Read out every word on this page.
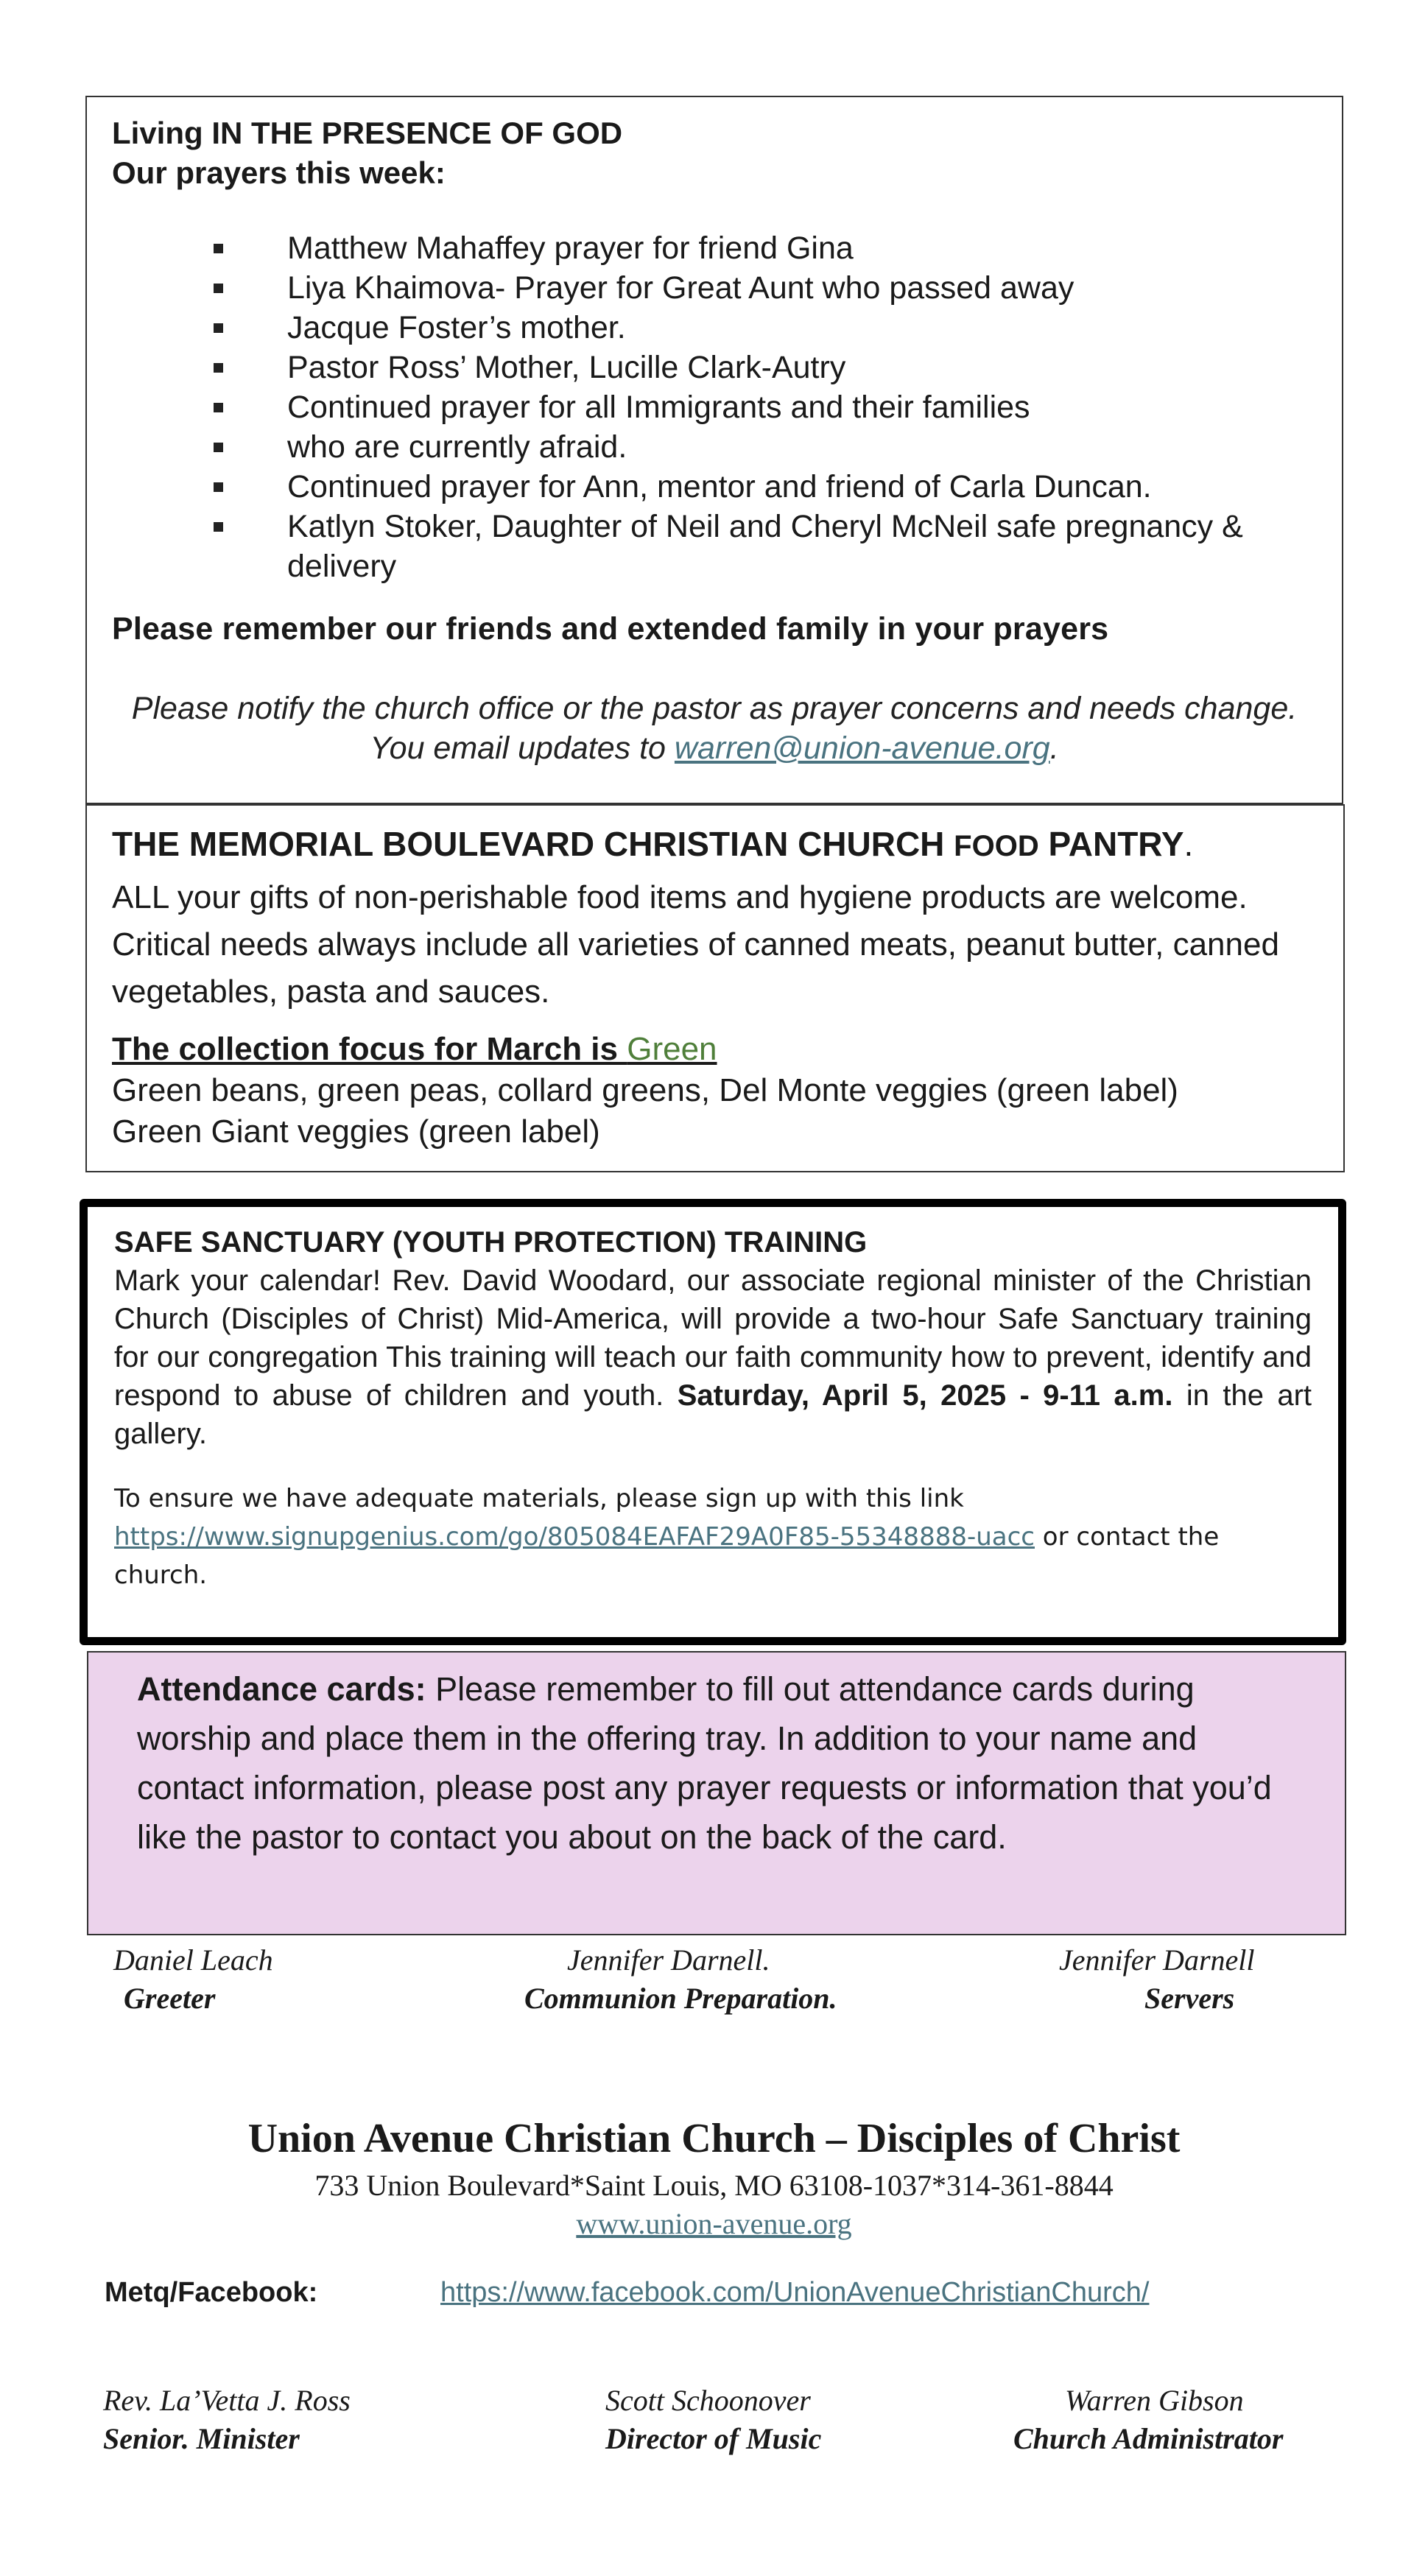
Living IN THE PRESENCE OF GOD
Our prayers this week:
Matthew Mahaffey prayer for friend Gina
Liya Khaimova- Prayer for Great Aunt who passed away
Jacque Foster’s mother.
Pastor Ross’ Mother, Lucille Clark-Autry
Continued prayer for all Immigrants and their families
who are currently afraid.
Continued prayer for Ann, mentor and friend of Carla Duncan.
Katlyn Stoker, Daughter of Neil and Cheryl McNeil safe pregnancy & delivery
Please remember our friends and extended family in your prayers
Please notify the church office or the pastor as prayer concerns and needs change. You email updates to warren@union-avenue.org.
THE MEMORIAL BOULEVARD CHRISTIAN CHURCH FOOD PANTRY.
ALL your gifts of non-perishable food items and hygiene products are welcome. Critical needs always include all varieties of canned meats, peanut butter, canned vegetables, pasta and sauces.
The collection focus for March is Green
Green beans, green peas, collard greens, Del Monte veggies (green label)
Green Giant veggies (green label)
SAFE SANCTUARY (YOUTH PROTECTION) TRAINING
Mark your calendar! Rev. David Woodard, our associate regional minister of the Christian Church (Disciples of Christ) Mid-America, will provide a two-hour Safe Sanctuary training for our congregation This training will teach our faith community how to prevent, identify and respond to abuse of children and youth. Saturday, April 5, 2025 - 9-11 a.m. in the art gallery.
To ensure we have adequate materials, please sign up with this link https://www.signupgenius.com/go/805084EAFAF29A0F85-55348888-uacc or contact the church.

Attendance cards: Please remember to fill out attendance cards during worship and place them in the offering tray. In addition to your name and contact information, please post any prayer requests or information that you’d like the pastor to contact you about on the back of the card.

Daniel Leach
Greeter
Jennifer Darnell.
Communion Preparation.
Jennifer Darnell
Servers
Union Avenue Christian Church – Disciples of Christ
733 Union Boulevard*Saint Louis, MO 63108-1037*314-361-8844
www.union-avenue.org
Metq/Facebook:	https://www.facebook.com/UnionAvenueChristianChurch/
Rev. La’Vetta J. Ross
Senior. Minister
Scott Schoonover
Director of Music
Warren Gibson
Church Administrator
